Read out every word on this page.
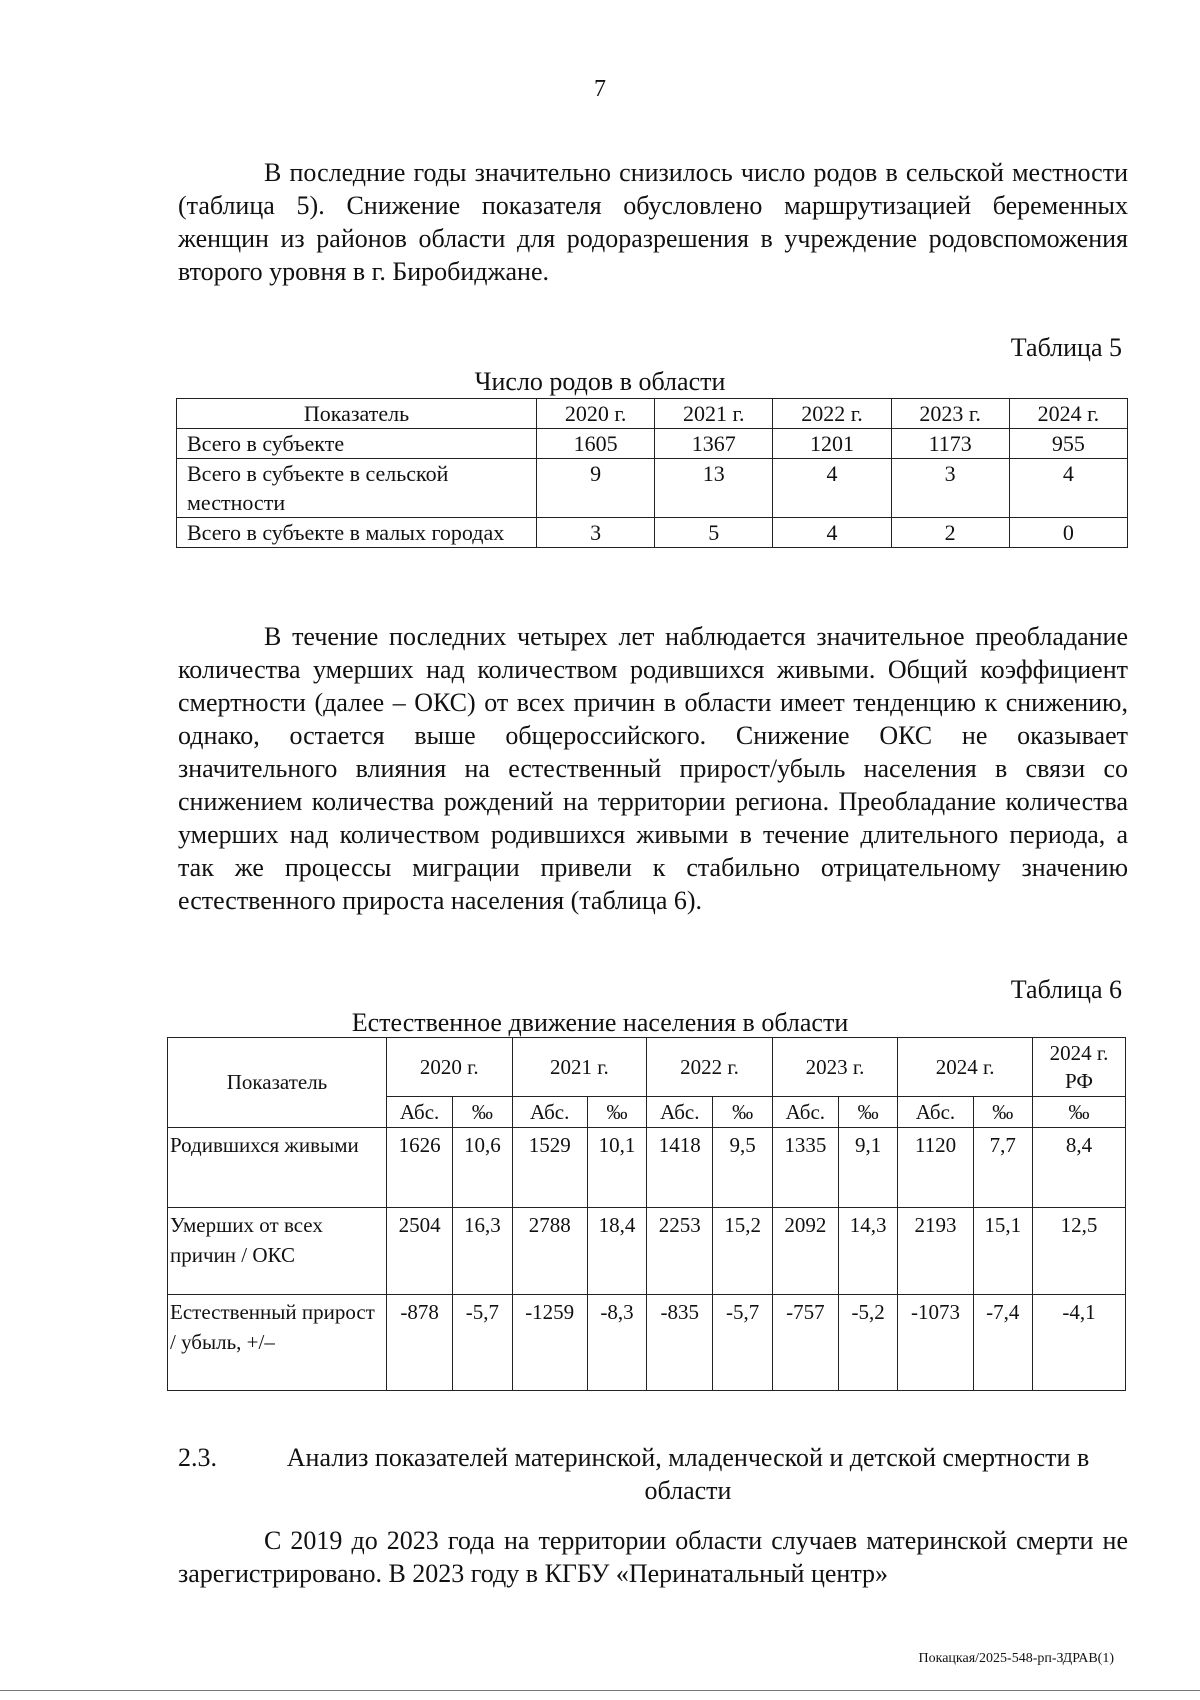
7

В последние годы значительно снизилось число родов в сельской местности (таблица 5). Снижение показателя обусловлено маршрутизацией беременных женщин из районов области для родоразрешения в учреждение родовспоможения второго уровня в г. Биробиджане.

Таблица 5
Число родов в области
Показатель	2020 г.	2021 г.	2022 г.	2023 г.	2024 г.
Всего в субъекте	1605	1367	1201	1173	955
Всего в субъекте в сельской местности	9	13	4	3	4
Всего в субъекте в малых городах	3	5	4	2	0

В течение последних четырех лет наблюдается значительное преобладание количества умерших над количеством родившихся живыми. Общий коэффициент смертности (далее – ОКС) от всех причин в области имеет тенденцию к снижению, однако, остается выше общероссийского. Снижение ОКС не оказывает значительного влияния на естественный прирост/убыль населения в связи со снижением количества рождений на территории региона. Преобладание количества умерших над количеством родившихся живыми в течение длительного периода, а так же процессы миграции привели к стабильно отрицательному значению естественного прироста населения (таблица 6).

Таблица 6
Естественное движение населения в области
Показатель	2020 г.		2021 г.		2022 г.		2023 г.		2024 г.		2024 г.
РФ
	Абс.	‰	Абс.	‰	Абс.	‰	Абс.	‰	Абс.	‰	‰
Родившихся живыми	1626	10,6	1529	10,1	1418	9,5	1335	9,1	1120	7,7	8,4
Умерших от всех причин / ОКС	2504	16,3	2788	18,4	2253	15,2	2092	14,3	2193	15,1	12,5
Естественный прирост / убыль, +/–	-878	-5,7	-1259	-8,3	-835	-5,7	-757	-5,2	-1073	-7,4	-4,1
2.3.	Анализ показателей материнской, младенческой и детской смертности в области

С 2019 до 2023 года на территории области случаев материнской смерти не зарегистрировано. В 2023 году в КГБУ «Перинатальный центр»

Покацкая/2025-548-рп-ЗДРАВ(1)
